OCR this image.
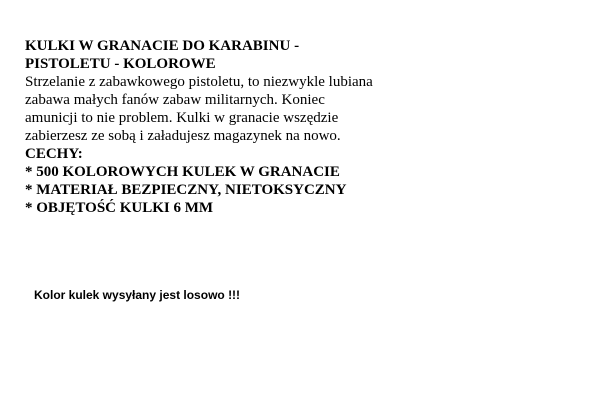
KULKI W GRANACIE DO KARABINU -
PISTOLETU - KOLOROWE
Strzelanie z zabawkowego pistoletu, to niezwykle lubiana
zabawa małych fanów zabaw militarnych. Koniec
amunicji to nie problem. Kulki w granacie wszędzie
zabierzesz ze sobą i załadujesz magazynek na nowo.
CECHY:
* 500 KOLOROWYCH KULEK W GRANACIE
* MATERIAŁ BEZPIECZNY, NIETOKSYCZNY
* OBJĘTOŚĆ KULKI 6 MM
Kolor kulek wysyłany jest losowo !!!
